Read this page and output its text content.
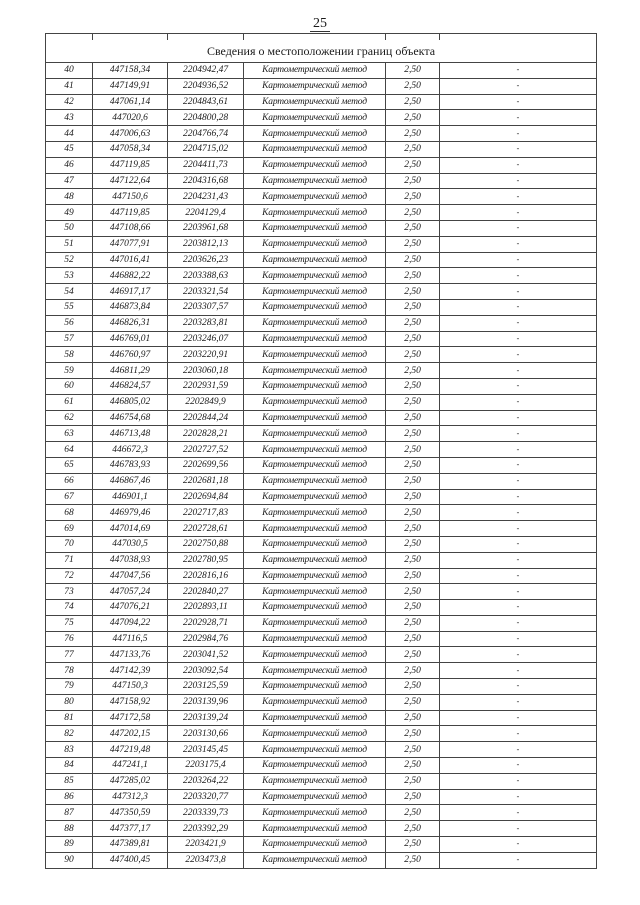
25

Сведения о местоположении границ объекта					
40	447158,34	2204942,47	Картометрический метод	2,50	-
41	447149,91	2204936,52	Картометрический метод	2,50	-
42	447061,14	2204843,61	Картометрический метод	2,50	-
43	447020,6	2204800,28	Картометрический метод	2,50	-
44	447006,63	2204766,74	Картометрический метод	2,50	-
45	447058,34	2204715,02	Картометрический метод	2,50	-
46	447119,85	2204411,73	Картометрический метод	2,50	-
47	447122,64	2204316,68	Картометрический метод	2,50	-
48	447150,6	2204231,43	Картометрический метод	2,50	-
49	447119,85	2204129,4	Картометрический метод	2,50	-
50	447108,66	2203961,68	Картометрический метод	2,50	-
51	447077,91	2203812,13	Картометрический метод	2,50	-
52	447016,41	2203626,23	Картометрический метод	2,50	-
53	446882,22	2203388,63	Картометрический метод	2,50	-
54	446917,17	2203321,54	Картометрический метод	2,50	-
55	446873,84	2203307,57	Картометрический метод	2,50	-
56	446826,31	2203283,81	Картометрический метод	2,50	-
57	446769,01	2203246,07	Картометрический метод	2,50	-
58	446760,97	2203220,91	Картометрический метод	2,50	-
59	446811,29	2203060,18	Картометрический метод	2,50	-
60	446824,57	2202931,59	Картометрический метод	2,50	-
61	446805,02	2202849,9	Картометрический метод	2,50	-
62	446754,68	2202844,24	Картометрический метод	2,50	-
63	446713,48	2202828,21	Картометрический метод	2,50	-
64	446672,3	2202727,52	Картометрический метод	2,50	-
65	446783,93	2202699,56	Картометрический метод	2,50	-
66	446867,46	2202681,18	Картометрический метод	2,50	-
67	446901,1	2202694,84	Картометрический метод	2,50	-
68	446979,46	2202717,83	Картометрический метод	2,50	-
69	447014,69	2202728,61	Картометрический метод	2,50	-
70	447030,5	2202750,88	Картометрический метод	2,50	-
71	447038,93	2202780,95	Картометрический метод	2,50	-
72	447047,56	2202816,16	Картометрический метод	2,50	-
73	447057,24	2202840,27	Картометрический метод	2,50	-
74	447076,21	2202893,11	Картометрический метод	2,50	-
75	447094,22	2202928,71	Картометрический метод	2,50	-
76	447116,5	2202984,76	Картометрический метод	2,50	-
77	447133,76	2203041,52	Картометрический метод	2,50	-
78	447142,39	2203092,54	Картометрический метод	2,50	-
79	447150,3	2203125,59	Картометрический метод	2,50	-
80	447158,92	2203139,96	Картометрический метод	2,50	-
81	447172,58	2203139,24	Картометрический метод	2,50	-
82	447202,15	2203130,66	Картометрический метод	2,50	-
83	447219,48	2203145,45	Картометрический метод	2,50	-
84	447241,1	2203175,4	Картометрический метод	2,50	-
85	447285,02	2203264,22	Картометрический метод	2,50	-
86	447312,3	2203320,77	Картометрический метод	2,50	-
87	447350,59	2203339,73	Картометрический метод	2,50	-
88	447377,17	2203392,29	Картометрический метод	2,50	-
89	447389,81	2203421,9	Картометрический метод	2,50	-
90	447400,45	2203473,8	Картометрический метод	2,50	-
